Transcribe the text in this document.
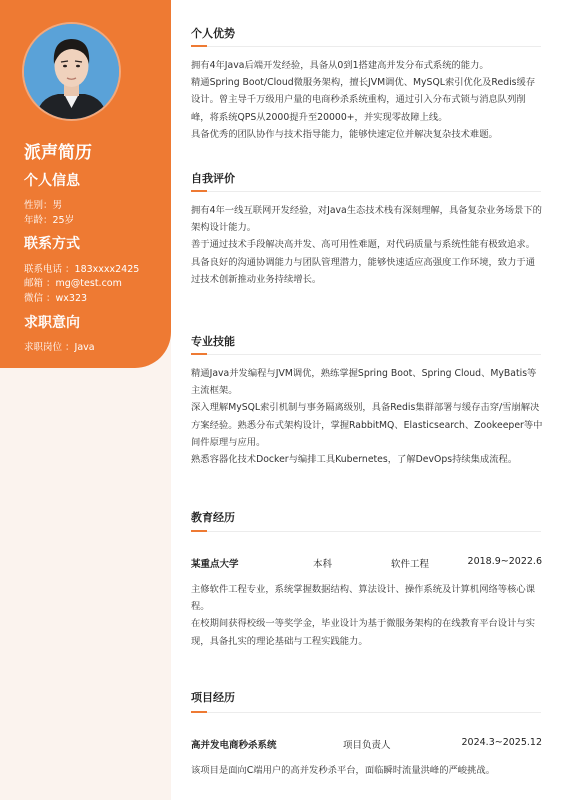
派声简历
个人信息
性别：男
年龄：25岁
联系方式
联系电话 ：183xxxx2425
邮箱 ：mg@test.com
微信 ：wx323
求职意向
求职岗位 ：Java
个人优势

拥有4年Java后端开发经验，具备从0到1搭建高并发分布式系统的能力。

精通Spring Boot/Cloud微服务架构，擅长JVM调优、MySQL索引优化及Redis缓存设计。曾主导千万级用户量的电商秒杀系统重构，通过引入分布式锁与消息队列削峰，将系统QPS从2000提升至20000+，并实现零故障上线。

具备优秀的团队协作与技术指导能力，能够快速定位并解决复杂技术难题。

自我评价

拥有4年一线互联网开发经验，对Java生态技术栈有深刻理解，具备复杂业务场景下的架构设计能力。

善于通过技术手段解决高并发、高可用性难题，对代码质量与系统性能有极致追求。

具备良好的沟通协调能力与团队管理潜力，能够快速适应高强度工作环境，致力于通过技术创新推动业务持续增长。

专业技能

精通Java并发编程与JVM调优，熟练掌握Spring Boot、Spring Cloud、MyBatis等主流框架。

深入理解MySQL索引机制与事务隔离级别，具备Redis集群部署与缓存击穿/雪崩解决方案经验。熟悉分布式架构设计，掌握RabbitMQ、Elasticsearch、Zookeeper等中间件原理与应用。

熟悉容器化技术Docker与编排工具Kubernetes，了解DevOps持续集成流程。

教育经历
某重点大学	本科	软件工程	2018.9~2022.6

主修软件工程专业，系统掌握数据结构、算法设计、操作系统及计算机网络等核心课程。

在校期间获得校级一等奖学金，毕业设计为基于微服务架构的在线教育平台设计与实现，具备扎实的理论基础与工程实践能力。

项目经历
高并发电商秒杀系统	项目负责人	2024.3~2025.12

该项目是面向C端用户的高并发秒杀平台，面临瞬时流量洪峰的严峻挑战。
